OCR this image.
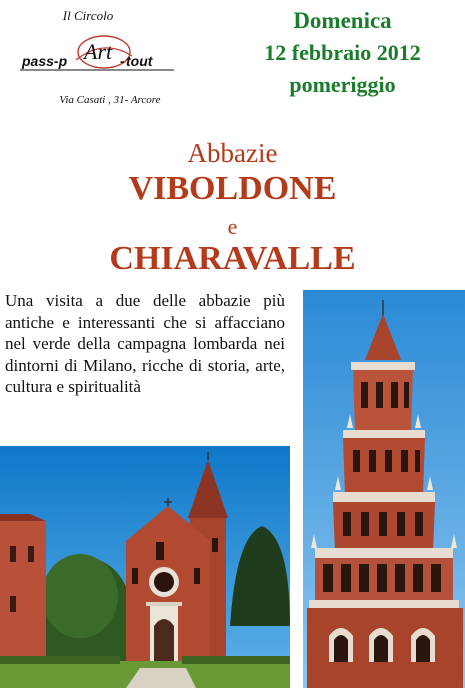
Il Circolo
pass-p Art tout
-
Via Casati , 31- Arcore
Domenica
12 febbraio 2012
pomeriggio
Abbazie
VIBOLDONE
e
CHIARAVALLE
Una visita a due delle abbazie più antiche e interessanti che si affacciano nel verde della campagna lombarda nei dintorni di Milano, ricche di storia, arte, cultura e spiritualità
